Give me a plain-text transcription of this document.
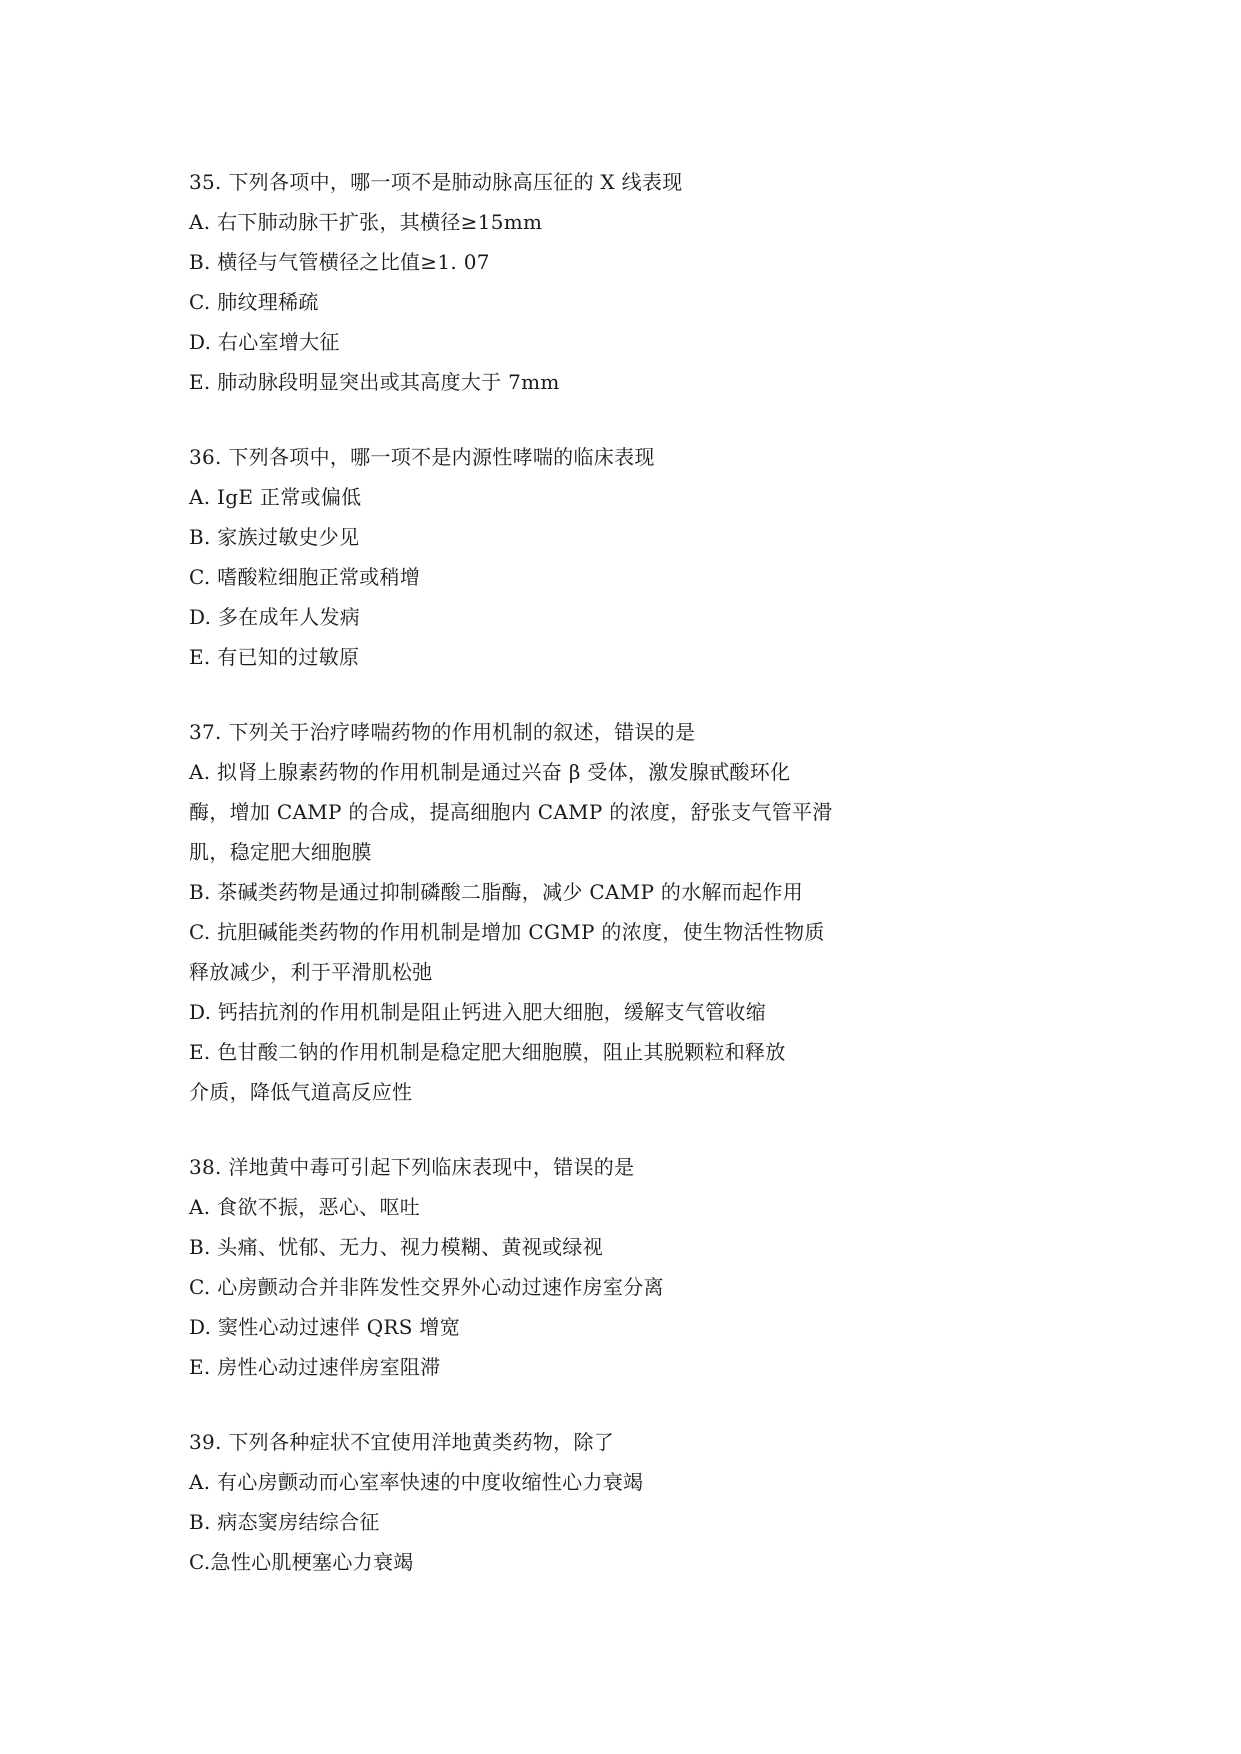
35. 下列各项中，哪一项不是肺动脉高压征的 X 线表现
A. 右下肺动脉干扩张，其横径≥15mm
B. 横径与气管横径之比值≥1. 07
C. 肺纹理稀疏
D. 右心室增大征
E. 肺动脉段明显突出或其高度大于 7mm
36. 下列各项中，哪一项不是内源性哮喘的临床表现
A. IgE 正常或偏低
B. 家族过敏史少见
C. 嗜酸粒细胞正常或稍增
D. 多在成年人发病
E. 有已知的过敏原
37. 下列关于治疗哮喘药物的作用机制的叙述，错误的是
A. 拟肾上腺素药物的作用机制是通过兴奋 β 受体，激发腺甙酸环化
酶，增加 CAMP 的合成，提高细胞内 CAMP 的浓度，舒张支气管平滑
肌，稳定肥大细胞膜
B. 茶碱类药物是通过抑制磷酸二脂酶，减少 CAMP 的水解而起作用
C. 抗胆碱能类药物的作用机制是增加 CGMP 的浓度，使生物活性物质
释放减少，利于平滑肌松弛
D. 钙拮抗剂的作用机制是阻止钙进入肥大细胞，缓解支气管收缩
E. 色甘酸二钠的作用机制是稳定肥大细胞膜，阻止其脱颗粒和释放
介质，降低气道高反应性
38. 洋地黄中毒可引起下列临床表现中，错误的是
A. 食欲不振，恶心、呕吐
B. 头痛、忧郁、无力、视力模糊、黄视或绿视
C. 心房颤动合并非阵发性交界外心动过速作房室分离
D. 窦性心动过速伴 QRS 增宽
E. 房性心动过速伴房室阻滞
39. 下列各种症状不宜使用洋地黄类药物，除了
A. 有心房颤动而心室率快速的中度收缩性心力衰竭
B. 病态窦房结综合征
C.急性心肌梗塞心力衰竭
